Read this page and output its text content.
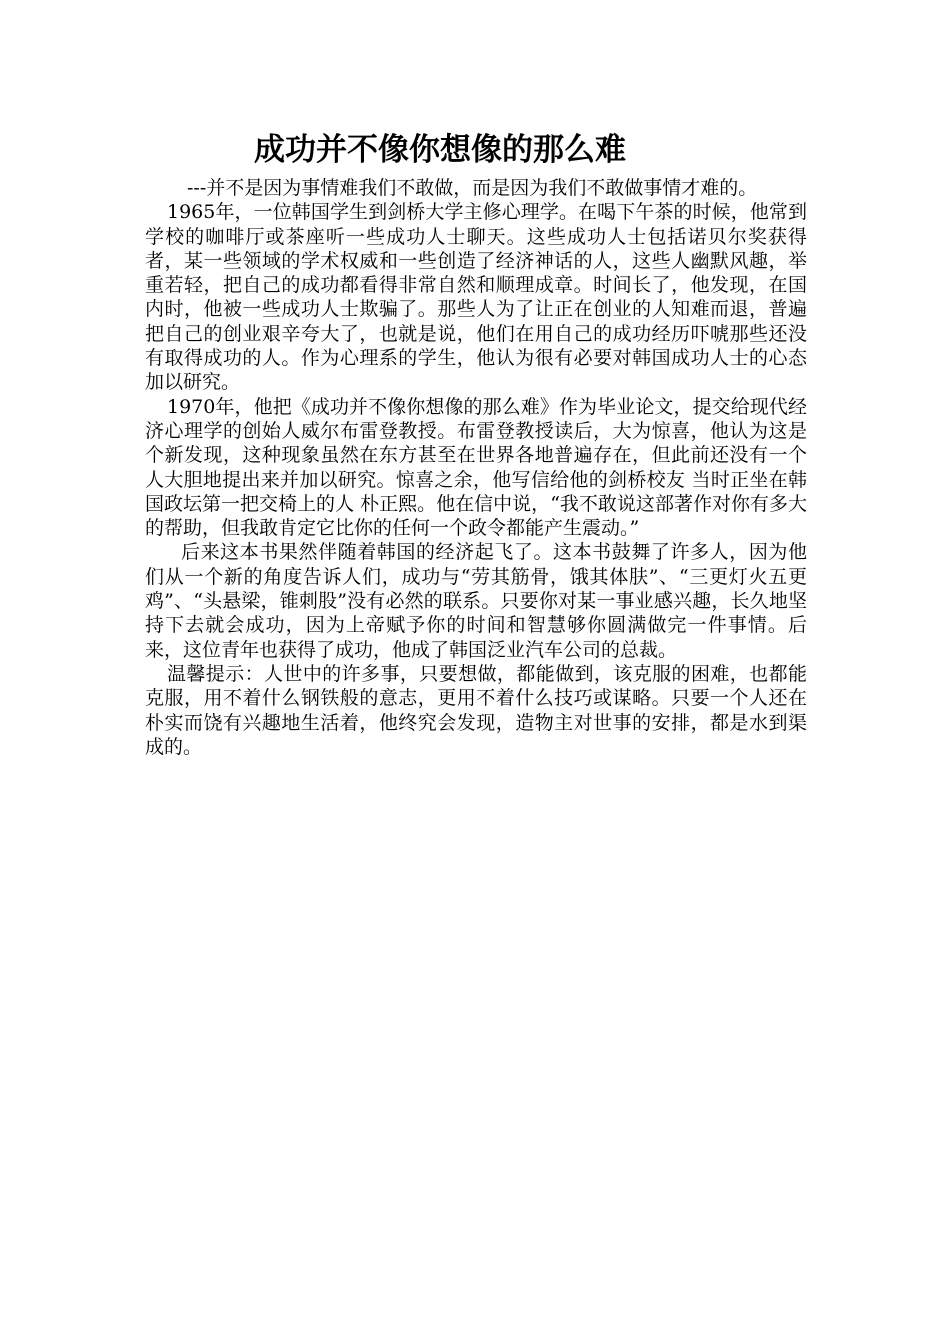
成功并不像你想像的那么难

---并不是因为事情难我们不敢做，而是因为我们不敢做事情才难的。

1965年，一位韩国学生到剑桥大学主修心理学。在喝下午茶的时候，他常到学校的咖啡厅或茶座听一些成功人士聊天。这些成功人士包括诺贝尔奖获得者，某一些领域的学术权威和一些创造了经济神话的人，这些人幽默风趣，举重若轻，把自己的成功都看得非常自然和顺理成章。时间长了，他发现，在国内时，他被一些成功人士欺骗了。那些人为了让正在创业的人知难而退，普遍把自己的创业艰辛夸大了，也就是说，他们在用自己的成功经历吓唬那些还没有取得成功的人。作为心理系的学生，他认为很有必要对韩国成功人士的心态加以研究。

1970年，他把《成功并不像你想像的那么难》作为毕业论文，提交给现代经济心理学的创始人威尔布雷登教授。布雷登教授读后，大为惊喜，他认为这是个新发现，这种现象虽然在东方甚至在世界各地普遍存在，但此前还没有一个人大胆地提出来并加以研究。惊喜之余，他写信给他的剑桥校友 当时正坐在韩国政坛第一把交椅上的人 朴正熙。他在信中说，“我不敢说这部著作对你有多大的帮助，但我敢肯定它比你的任何一个政令都能产生震动。”

后来这本书果然伴随着韩国的经济起飞了。这本书鼓舞了许多人，因为他们从一个新的角度告诉人们，成功与“劳其筋骨，饿其体肤”、“三更灯火五更鸡”、“头悬梁，锥刺股”没有必然的联系。只要你对某一事业感兴趣，长久地坚持下去就会成功，因为上帝赋予你的时间和智慧够你圆满做完一件事情。后来，这位青年也获得了成功，他成了韩国泛业汽车公司的总裁。

温馨提示：人世中的许多事，只要想做，都能做到，该克服的困难，也都能克服，用不着什么钢铁般的意志，更用不着什么技巧或谋略。只要一个人还在朴实而饶有兴趣地生活着，他终究会发现，造物主对世事的安排，都是水到渠成的。
